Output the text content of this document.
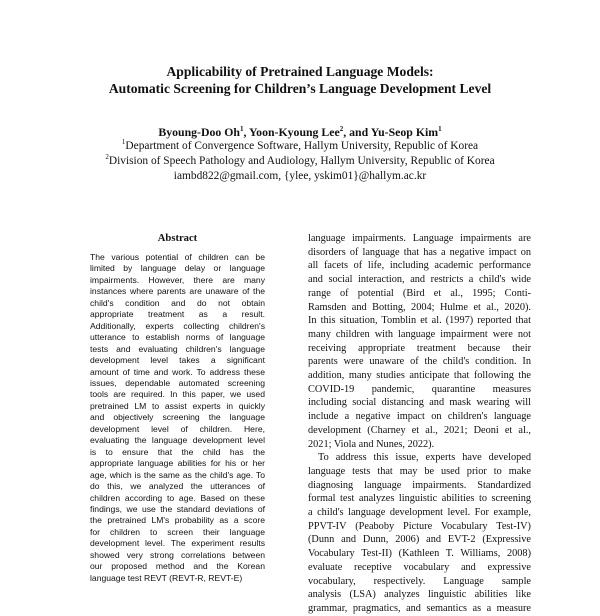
Applicability of Pretrained Language Models:
Automatic Screening for Children’s Language Development Level
Byoung-Doo Oh$^1$, Yoon-Kyoung Lee$^2$, and Yu-Seop Kim$^1$
$^1$Department of Convergence Software, Hallym University, Republic of Korea
$^2$Division of Speech Pathology and Audiology, Hallym University, Republic of Korea
iambd822@gmail.com, {ylee, yskim01}@hallym.ac.kr
Abstract
The various potential of children can be
limited by language delay or language
impairments. However, there are many
instances where parents are unaware of the
child's condition and do not obtain
appropriate treatment as a result.
Additionally, experts collecting children's
utterance to establish norms of language
tests and evaluating children's language
development level takes a significant
amount of time and work. To address these
issues, dependable automated screening
tools are required. In this paper, we used
pretrained LM to assist experts in quickly
and objectively screening the language
development level of children. Here,
evaluating the language development level
is to ensure that the child has the
appropriate language abilities for his or her
age, which is the same as the child's age. To
do this, we analyzed the utterances of
children according to age. Based on these
findings, we use the standard deviations of
the pretrained LM's probability as a score
for children to screen their language
development level. The experiment results
showed very strong correlations between
our proposed method and the Korean
language test REVT (REVT-R, REVT-E)
language impairments. Language impairments are
disorders of language that has a negative impact on
all facets of life, including academic performance
and social interaction, and restricts a child's wide
range of potential (Bird et al., 1995; Conti-
Ramsden and Botting, 2004; Hulme et al., 2020).
In this situation, Tomblin et al. (1997) reported that
many children with language impairment were not
receiving appropriate treatment because their
parents were unaware of the child's condition. In
addition, many studies anticipate that following the
COVID-19 pandemic, quarantine measures
including social distancing and mask wearing will
include a negative impact on children's language
development (Charney et al., 2021; Deoni et al.,
2021; Viola and Nunes, 2022).
To address this issue, experts have developed
language tests that may be used prior to make
diagnosing language impairments. Standardized
formal test analyzes linguistic abilities to screening
a child's language development level. For example,
PPVT-IV (Peaboby Picture Vocabulary Test-IV)
(Dunn and Dunn, 2006) and EVT-2 (Expressive
Vocabulary Test-II) (Kathleen T. Williams, 2008)
evaluate receptive vocabulary and expressive
vocabulary, respectively. Language sample
analysis (LSA) analyzes linguistic abilities like
grammar, pragmatics, and semantics as a measure
